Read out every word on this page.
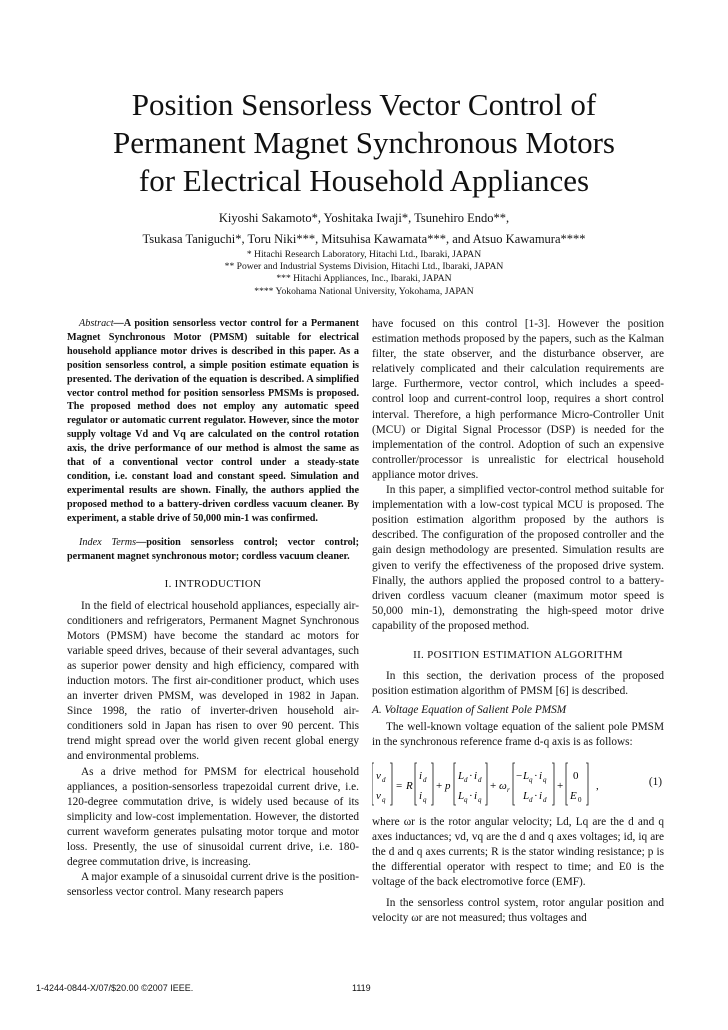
Position Sensorless Vector Control of
Permanent Magnet Synchronous Motors
for Electrical Household Appliances
Kiyoshi Sakamoto*, Yoshitaka Iwaji*, Tsunehiro Endo**,
Tsukasa Taniguchi*, Toru Niki***, Mitsuhisa Kawamata***, and Atsuo Kawamura****
* Hitachi Research Laboratory, Hitachi Ltd., Ibaraki, JAPAN
** Power and Industrial Systems Division, Hitachi Ltd., Ibaraki, JAPAN
*** Hitachi Appliances, Inc., Ibaraki, JAPAN
**** Yokohama National University, Yokohama, JAPAN

Abstract—A position sensorless vector control for a Permanent Magnet Synchronous Motor (PMSM) suitable for electrical household appliance motor drives is described in this paper. As a position sensorless control, a simple position estimate equation is presented. The derivation of the equation is described. A simplified vector control method for position sensorless PMSMs is proposed. The proposed method does not employ any automatic speed regulator or automatic current regulator. However, since the motor supply voltage Vd and Vq are calculated on the control rotation axis, the drive performance of our method is almost the same as that of a conventional vector control under a steady-state condition, i.e. constant load and constant speed. Simulation and experimental results are shown. Finally, the authors applied the proposed method to a battery-driven cordless vacuum cleaner. By experiment, a stable drive of 50,000 min-1 was confirmed.

Index Terms—position sensorless control; vector control; permanent magnet synchronous motor; cordless vacuum cleaner.

I. INTRODUCTION

In the field of electrical household appliances, especially air-conditioners and refrigerators, Permanent Magnet Synchronous Motors (PMSM) have become the standard ac motors for variable speed drives, because of their several advantages, such as superior power density and high efficiency, compared with induction motors. The first air-conditioner product, which uses an inverter driven PMSM, was developed in 1982 in Japan. Since 1998, the ratio of inverter-driven household air-conditioners sold in Japan has risen to over 90 percent. This trend might spread over the world given recent global energy and environmental problems.

As a drive method for PMSM for electrical household appliances, a position-sensorless trapezoidal current drive, i.e. 120-degree commutation drive, is widely used because of its simplicity and low-cost implementation. However, the distorted current waveform generates pulsating motor torque and motor loss. Presently, the use of sinusoidal current drive, i.e. 180-degree commutation drive, is increasing.

A major example of a sinusoidal current drive is the position-sensorless vector control. Many research papers

have focused on this control [1-3]. However the position estimation methods proposed by the papers, such as the Kalman filter, the state observer, and the disturbance observer, are relatively complicated and their calculation requirements are large. Furthermore, vector control, which includes a speed-control loop and current-control loop, requires a short control interval. Therefore, a high performance Micro-Controller Unit (MCU) or Digital Signal Processor (DSP) is needed for the implementation of the control. Adoption of such an expensive controller/processor is unrealistic for electrical household appliance motor drives.

In this paper, a simplified vector-control method suitable for implementation with a low-cost typical MCU is proposed. The position estimation algorithm proposed by the authors is described. The configuration of the proposed controller and the gain design methodology are presented. Simulation results are given to verify the effectiveness of the proposed drive system. Finally, the authors applied the proposed control to a battery-driven cordless vacuum cleaner (maximum motor speed is 50,000 min-1), demonstrating the high-speed motor drive capability of the proposed method.

II. POSITION ESTIMATION ALGORITHM

In this section, the derivation process of the proposed position estimation algorithm of PMSM [6] is described.

A. Voltage Equation of Salient Pole PMSM

The well-known voltage equation of the salient pole PMSM in the synchronous reference frame d-q axis is as follows:

v d
v q
= R
i d
i q
+ p
L d · i d
L q · i q
+ ω r
− L q · i q
L d · i d
+
0
E 0
,	(1)

where ωr is the rotor angular velocity; Ld, Lq are the d and q axes inductances; vd, vq are the d and q axes voltages; id, iq are the d and q axes currents; R is the stator winding resistance; p is the differential operator with respect to time; and E0 is the voltage of the back electromotive force (EMF).

In the sensorless control system, rotor angular position and velocity ωr are not measured; thus voltages and

1-4244-0844-X/07/$20.00 ©2007 IEEE.	1119
